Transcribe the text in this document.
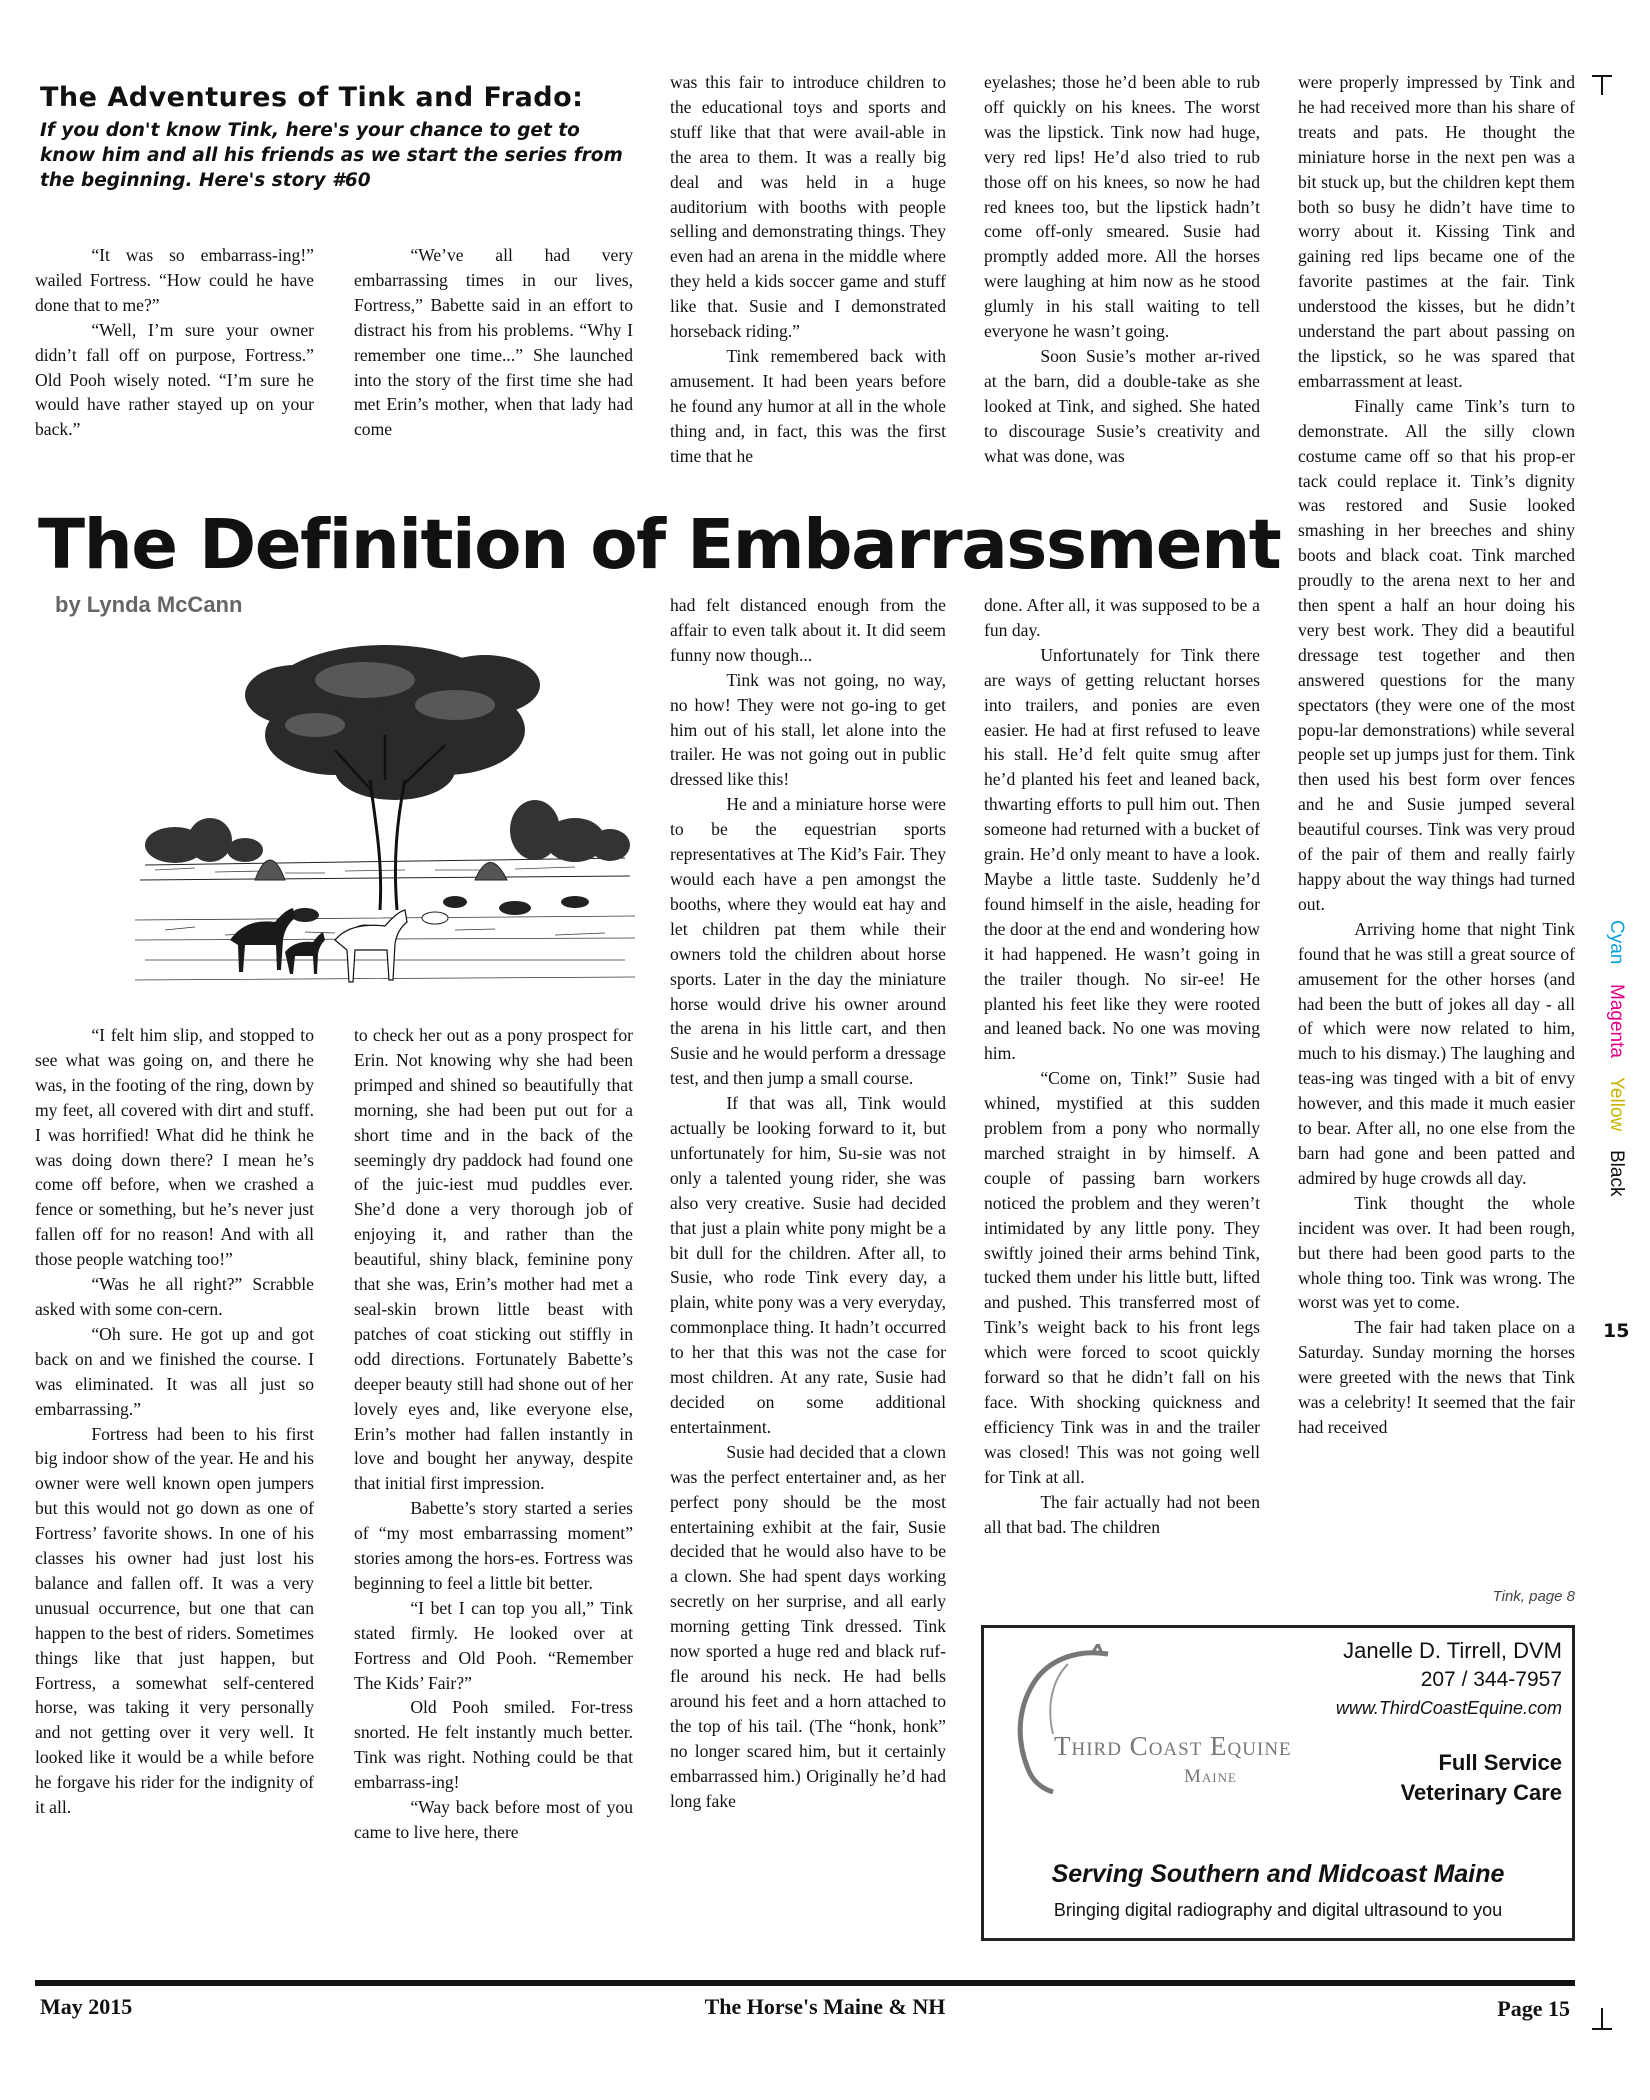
The Adventures of Tink and Frado:
If you don't know Tink, here's your chance to get to know him and all his friends as we start the series from the beginning. Here's story #60

“It was so embarrass-ing!” wailed Fortress. “How could he have done that to me?”

“Well, I’m sure your owner didn’t fall off on purpose, Fortress.” Old Pooh wisely noted. “I’m sure he would have rather stayed up on your back.”

“We’ve all had very embarrassing times in our lives, Fortress,” Babette said in an effort to distract his from his problems. “Why I remember one time...” She launched into the story of the first time she had met Erin’s mother, when that lady had come

was this fair to introduce children to the educational toys and sports and stuff like that that were avail-able in the area to them. It was a really big deal and was held in a huge auditorium with booths with people selling and demonstrating things. They even had an arena in the middle where they held a kids soccer game and stuff like that. Susie and I demonstrated horseback riding.”

Tink remembered back with amusement. It had been years before he found any humor at all in the whole thing and, in fact, this was the first time that he

eyelashes; those he’d been able to rub off quickly on his knees. The worst was the lipstick. Tink now had huge, very red lips! He’d also tried to rub those off on his knees, so now he had red knees too, but the lipstick hadn’t come off-only smeared. Susie had promptly added more. All the horses were laughing at him now as he stood glumly in his stall waiting to tell everyone he wasn’t going.

Soon Susie’s mother ar-rived at the barn, did a double-take as she looked at Tink, and sighed. She hated to discourage Susie’s creativity and what was done, was

were properly impressed by Tink and he had received more than his share of treats and pats. He thought the miniature horse in the next pen was a bit stuck up, but the children kept them both so busy he didn’t have time to worry about it. Kissing Tink and gaining red lips became one of the favorite pastimes at the fair. Tink understood the kisses, but he didn’t understand the part about passing on the lipstick, so he was spared that embarrassment at least.

Finally came Tink’s turn to demonstrate. All the silly clown costume came off so that his prop-er tack could replace it. Tink’s dignity was restored and Susie looked smashing in her breeches and shiny boots and black coat. Tink marched proudly to the arena next to her and then spent a half an hour doing his very best work. They did a beautiful dressage test together and then answered questions for the many spectators (they were one of the most popu-lar demonstrations) while several people set up jumps just for them. Tink then used his best form over fences and he and Susie jumped several beautiful courses. Tink was very proud of the pair of them and really fairly happy about the way things had turned out.

Arriving home that night Tink found that he was still a great source of amusement for the other horses (and had been the butt of jokes all day - all of which were now related to him, much to his dismay.) The laughing and teas-ing was tinged with a bit of envy however, and this made it much easier to bear. After all, no one else from the barn had gone and been patted and admired by huge crowds all day.

Tink thought the whole incident was over. It had been rough, but there had been good parts to the whole thing too. Tink was wrong. The worst was yet to come.

The fair had taken place on a Saturday. Sunday morning the horses were greeted with the news that Tink was a celebrity! It seemed that the fair had received

The Definition of Embarrassment
by Lynda McCann

“I felt him slip, and stopped to see what was going on, and there he was, in the footing of the ring, down by my feet, all covered with dirt and stuff. I was horrified! What did he think he was doing down there? I mean he’s come off before, when we crashed a fence or something, but he’s never just fallen off for no reason! And with all those people watching too!”

“Was he all right?” Scrabble asked with some con-cern.

“Oh sure. He got up and got back on and we finished the course. I was eliminated. It was all just so embarrassing.”

Fortress had been to his first big indoor show of the year. He and his owner were well known open jumpers but this would not go down as one of Fortress’ favorite shows. In one of his classes his owner had just lost his balance and fallen off. It was a very unusual occurrence, but one that can happen to the best of riders. Sometimes things like that just happen, but Fortress, a somewhat self-centered horse, was taking it very personally and not getting over it very well. It looked like it would be a while before he forgave his rider for the indignity of it all.

to check her out as a pony prospect for Erin. Not knowing why she had been primped and shined so beautifully that morning, she had been put out for a short time and in the back of the seemingly dry paddock had found one of the juic-iest mud puddles ever. She’d done a very thorough job of enjoying it, and rather than the beautiful, shiny black, feminine pony that she was, Erin’s mother had met a seal-skin brown little beast with patches of coat sticking out stiffly in odd directions. Fortunately Babette’s deeper beauty still had shone out of her lovely eyes and, like everyone else, Erin’s mother had fallen instantly in love and bought her anyway, despite that initial first impression.

Babette’s story started a series of “my most embarrassing moment” stories among the hors-es. Fortress was beginning to feel a little bit better.

“I bet I can top you all,” Tink stated firmly. He looked over at Fortress and Old Pooh. “Remember The Kids’ Fair?”

Old Pooh smiled. For-tress snorted. He felt instantly much better. Tink was right. Nothing could be that embarrass-ing!

“Way back before most of you came to live here, there

had felt distanced enough from the affair to even talk about it. It did seem funny now though...

Tink was not going, no way, no how! They were not go-ing to get him out of his stall, let alone into the trailer. He was not going out in public dressed like this!

He and a miniature horse were to be the equestrian sports representatives at The Kid’s Fair. They would each have a pen amongst the booths, where they would eat hay and let children pat them while their owners told the children about horse sports. Later in the day the miniature horse would drive his owner around the arena in his little cart, and then Susie and he would perform a dressage test, and then jump a small course.

If that was all, Tink would actually be looking forward to it, but unfortunately for him, Su-sie was not only a talented young rider, she was also very creative. Susie had decided that just a plain white pony might be a bit dull for the children. After all, to Susie, who rode Tink every day, a plain, white pony was a very everyday, commonplace thing. It hadn’t occurred to her that this was not the case for most children. At any rate, Susie had decided on some additional entertainment.

Susie had decided that a clown was the perfect entertainer and, as her perfect pony should be the most entertaining exhibit at the fair, Susie decided that he would also have to be a clown. She had spent days working secretly on her surprise, and all early morning getting Tink dressed. Tink now sported a huge red and black ruf-fle around his neck. He had bells around his feet and a horn attached to the top of his tail. (The “honk, honk” no longer scared him, but it certainly embarrassed him.) Originally he’d had long fake

done. After all, it was supposed to be a fun day.

Unfortunately for Tink there are ways of getting reluctant horses into trailers, and ponies are even easier. He had at first refused to leave his stall. He’d felt quite smug after he’d planted his feet and leaned back, thwarting efforts to pull him out. Then someone had returned with a bucket of grain. He’d only meant to have a look. Maybe a little taste. Suddenly he’d found himself in the aisle, heading for the door at the end and wondering how it had happened. He wasn’t going in the trailer though. No sir-ee! He planted his feet like they were rooted and leaned back. No one was moving him.

“Come on, Tink!” Susie had whined, mystified at this sudden problem from a pony who normally marched straight in by himself. A couple of passing barn workers noticed the problem and they weren’t intimidated by any little pony. They swiftly joined their arms behind Tink, tucked them under his little butt, lifted and pushed. This transferred most of Tink’s weight back to his front legs which were forced to scoot quickly forward so that he didn’t fall on his face. With shocking quickness and efficiency Tink was in and the trailer was closed! This was not going well for Tink at all.

The fair actually had not been all that bad. The children

Tink, page 8
Third Coast Equine
Maine
Janelle D. Tirrell, DVM
207 / 344-7957
www.ThirdCoastEquine.com
Full Service
Veterinary Care
Serving Southern and Midcoast Maine
Bringing digital radiography and digital ultrasound to you
May 2015	The Horse's Maine & NH	Page 15
Cyan Magenta Yellow Black
15
